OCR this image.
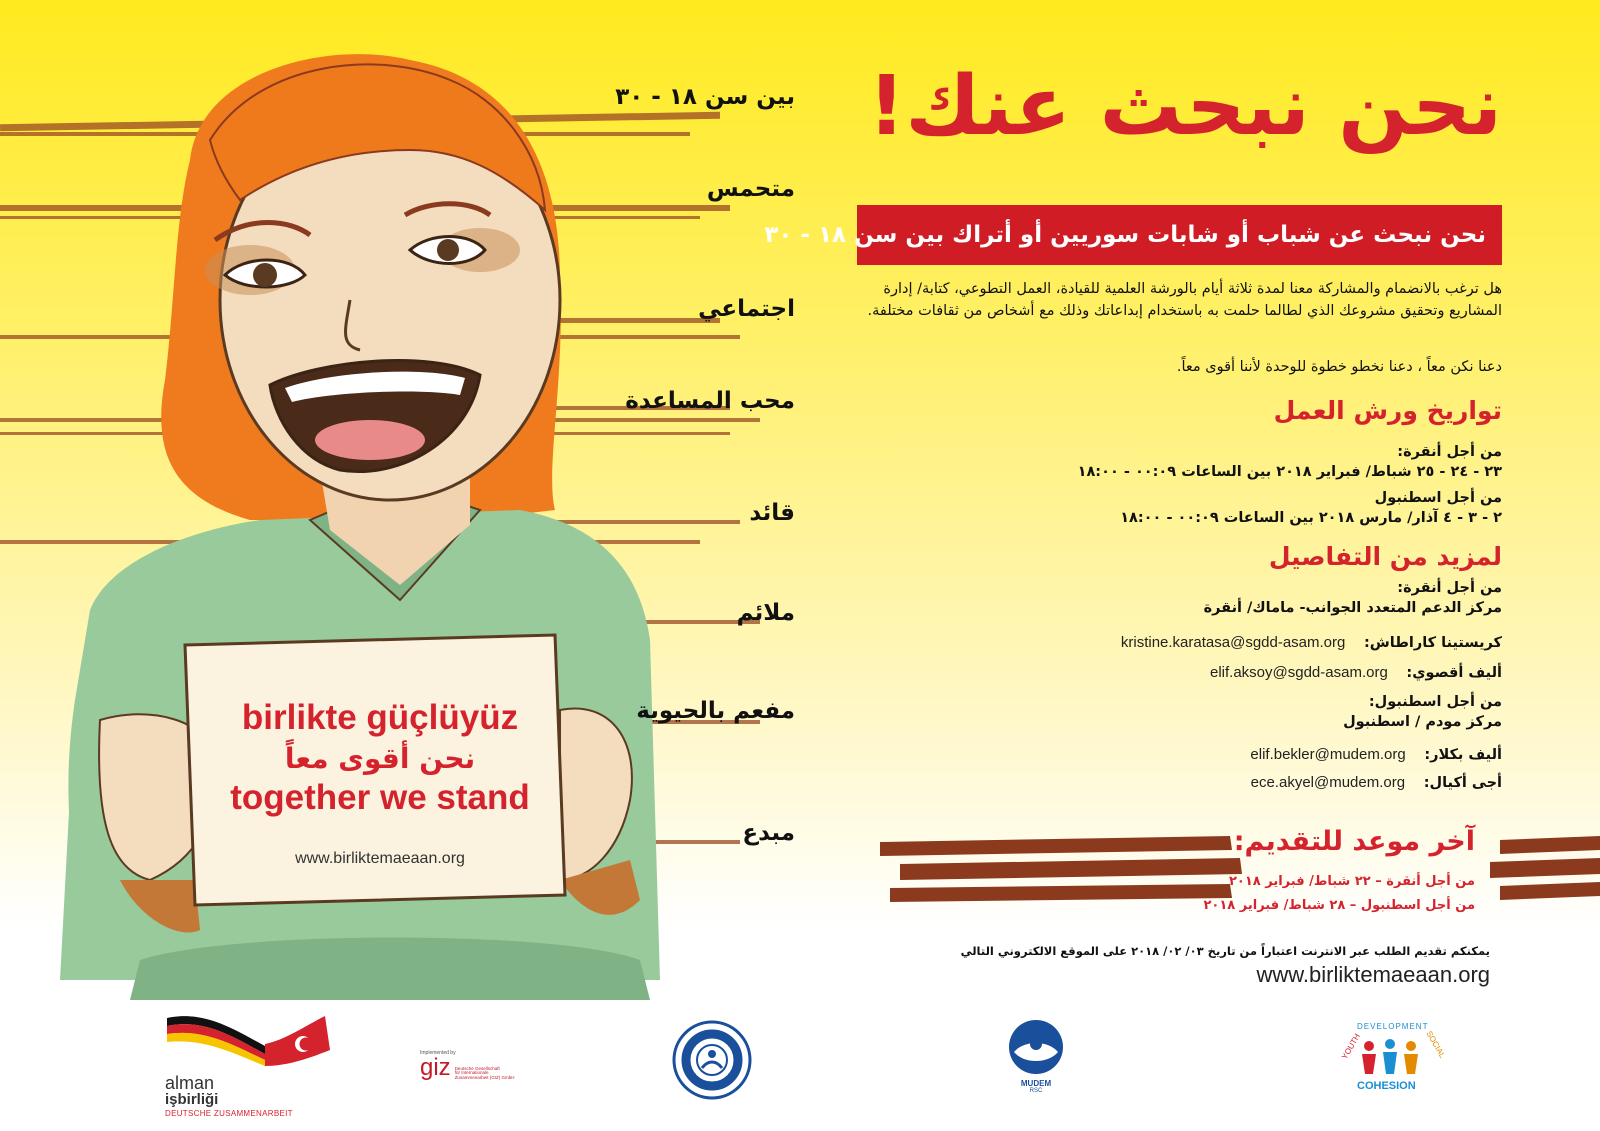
birlikte güçlüyüz
نحن أقوى معاً
together we stand
www.birliktemaeaan.org
بين سن ١٨ - ٣٠
متحمس
اجتماعي
محب المساعدة
قائد
ملائم
مفعم بالحيوية
مبدع
نحن نبحث عنك!
نحن نبحث عن شباب أو شابات سوريين أو أتراك بين سن ١٨ - ٣٠
هل ترغب بالانضمام والمشاركة معنا لمدة ثلاثة أيام بالورشة العلمية للقيادة، العمل التطوعي، كتابة/ إدارة المشاريع وتحقيق مشروعك الذي لطالما حلمت به باستخدام إبداعاتك وذلك مع أشخاص من ثقافات مختلفة.
دعنا نكن معاً ، دعنا نخطو خطوة للوحدة لأننا أقوى معاً.
تواريخ ورش العمل
من أجل أنقرة:
٢٣ - ٢٤ - ٢٥ شباط/ فبراير ٢٠١٨ بين الساعات ٠٠:٠٩ - ١٨:٠٠
من أجل اسطنبول
٢ - ٣ - ٤ آذار/ مارس ٢٠١٨ بين الساعات ٠٠:٠٩ - ١٨:٠٠
لمزيد من التفاصيل
من أجل أنقرة:
مركز الدعم المتعدد الجوانب- ماماك/ أنقرة
كريستينا كاراطاش: kristine.karatasa@sgdd-asam.org
أليف أقصوي: elif.aksoy@sgdd-asam.org
من أجل اسطنبول:
مركز مودم / اسطنبول
أليف بكلار: elif.bekler@mudem.org
أجى أكيال: ece.akyel@mudem.org
آخر موعد للتقديم:
من أجل أنقرة – ٢٢ شباط/ فبراير ٢٠١٨
من أجل اسطنبول – ٢٨ شباط/ فبراير ٢٠١٨
يمكنكم تقديم الطلب عبر الانترنت اعتباراً من تاريخ ٠٣/ ٠٢/ ٢٠١٨ على الموقع الالكتروني التالي
www.birliktemaeaan.org
alman
işbirliği
DEUTSCHE ZUSAMMENARBEIT
Implemented by
giz Deutsche Gesellschaft
für Internationale
Zusammenarbeit (GIZ) GmbH
MUDEM
RSC
YOUTH
DEVELOPMENT
SOCIAL
COHESION
